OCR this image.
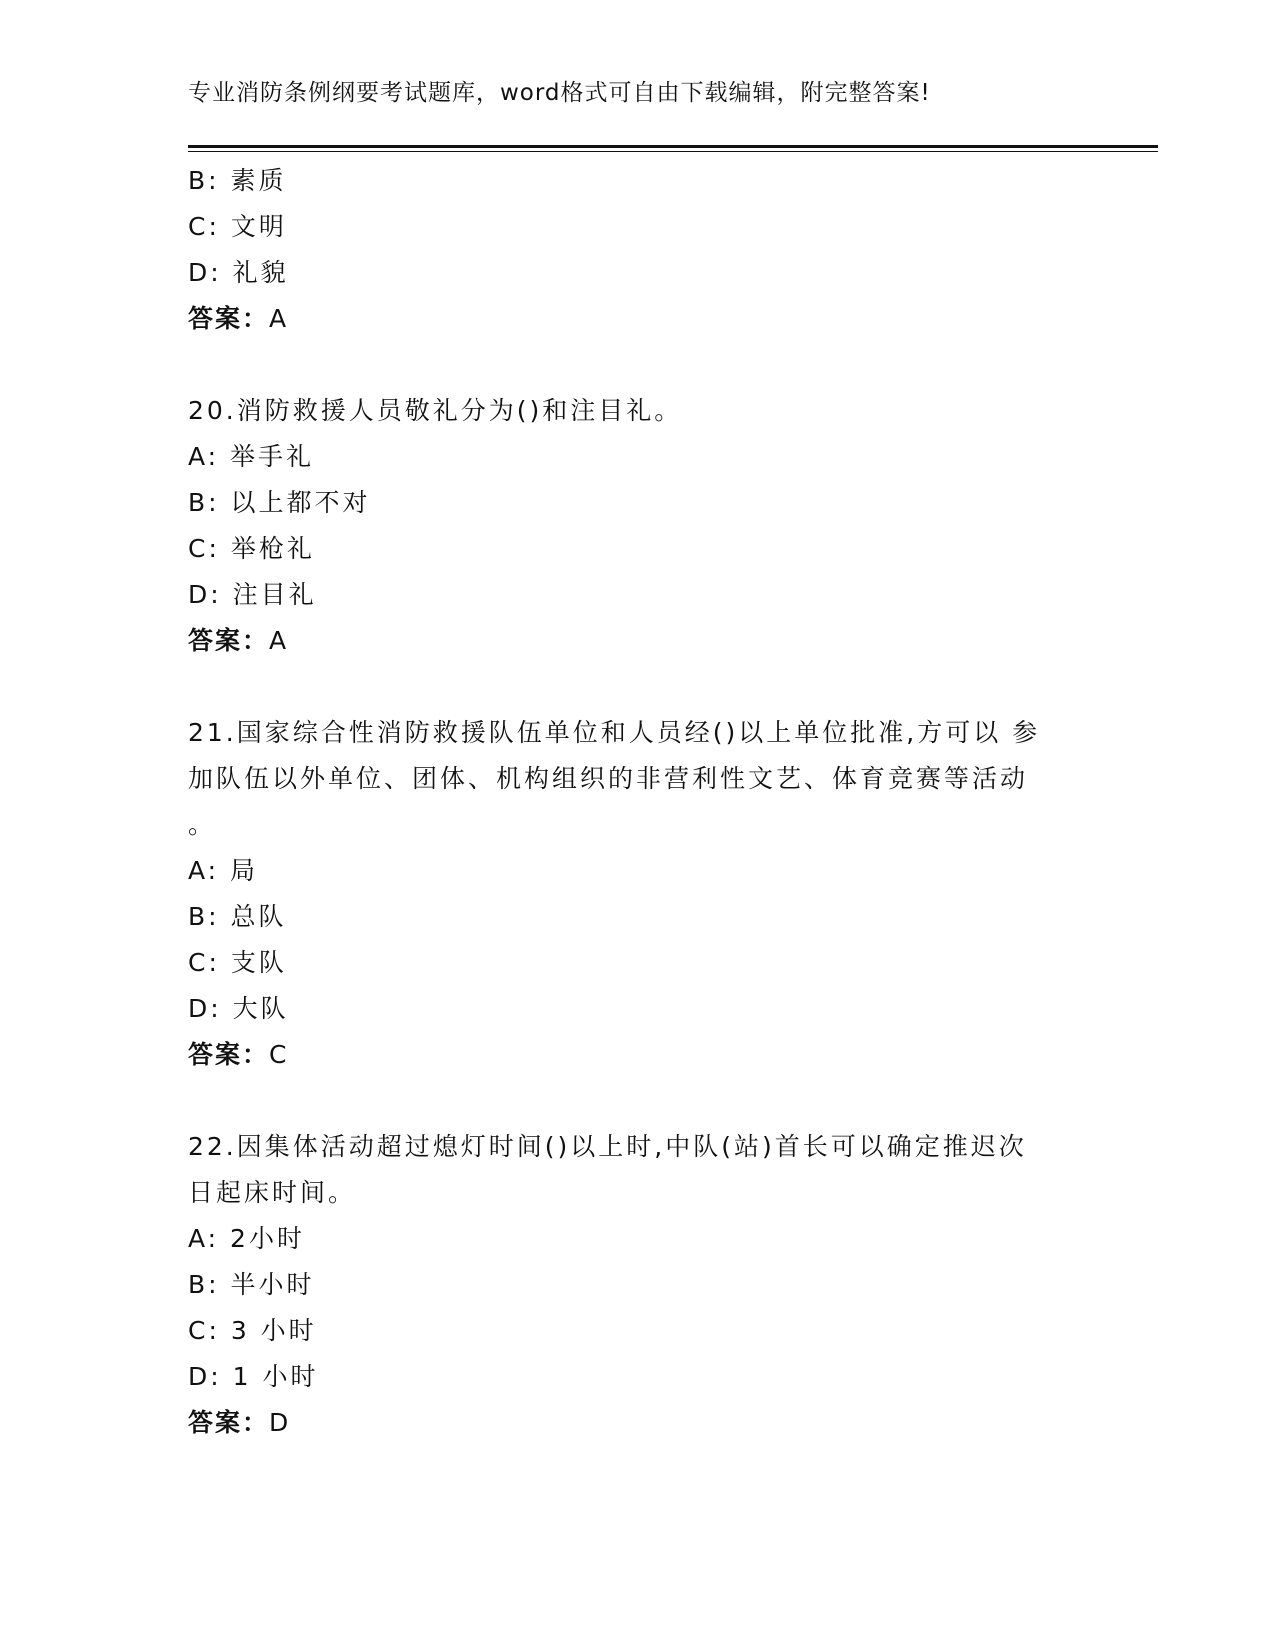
专业消防条例纲要考试题库，word格式可自由下载编辑，附完整答案!
B: 素质
C: 文明
D: 礼貌
答案：A
20.消防救援人员敬礼分为()和注目礼。
A: 举手礼
B: 以上都不对
C: 举枪礼
D: 注目礼
答案：A
21.国家综合性消防救援队伍单位和人员经()以上单位批准,方可以 参
加队伍以外单位、团体、机构组织的非营利性文艺、体育竞赛等活动
。
A: 局
B: 总队
C: 支队
D: 大队
答案：C
22.因集体活动超过熄灯时间()以上时,中队(站)首长可以确定推迟次
日起床时间。
A: 2小时
B: 半小时
C: 3 小时
D: 1 小时
答案：D
